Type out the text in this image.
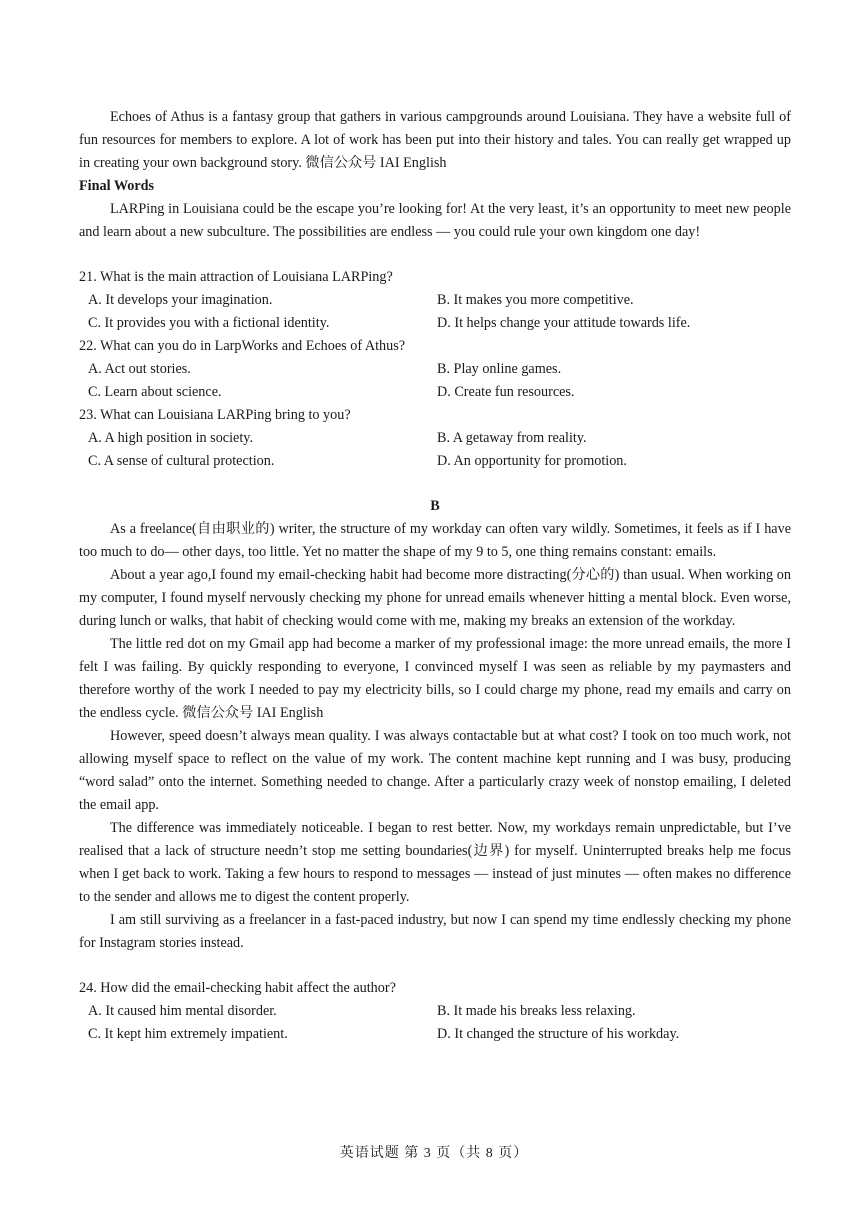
Echoes of Athus is a fantasy group that gathers in various campgrounds around Louisiana. They have a website full of fun resources for members to explore. A lot of work has been put into their history and tales. You can really get wrapped up in creating your own background story. 微信公众号 IAI English

Final Words

LARPing in Louisiana could be the escape you’re looking for! At the very least, it’s an opportunity to meet new people and learn about a new subculture. The possibilities are endless — you could rule your own kingdom one day!

21. What is the main attraction of Louisiana LARPing?
A. It develops your imagination.	B. It makes you more competitive.
C. It provides you with a fictional identity.	D. It helps change your attitude towards life.
22. What can you do in LarpWorks and Echoes of Athus?
A. Act out stories.	B. Play online games.
C. Learn about science.	D. Create fun resources.
23. What can Louisiana LARPing bring to you?
A. A high position in society.	B. A getaway from reality.
C. A sense of cultural protection.	D. An opportunity for promotion.
B

As a freelance(自由职业的) writer, the structure of my workday can often vary wildly. Sometimes, it feels as if I have too much to do— other days, too little. Yet no matter the shape of my 9 to 5, one thing remains constant: emails.

About a year ago,I found my email-checking habit had become more distracting(分心的) than usual. When working on my computer, I found myself nervously checking my phone for unread emails whenever hitting a mental block. Even worse, during lunch or walks, that habit of checking would come with me, making my breaks an extension of the workday.

The little red dot on my Gmail app had become a marker of my professional image: the more unread emails, the more I felt I was failing. By quickly responding to everyone, I convinced myself I was seen as reliable by my paymasters and therefore worthy of the work I needed to pay my electricity bills, so I could charge my phone, read my emails and carry on the endless cycle. 微信公众号 IAI English

However, speed doesn’t always mean quality. I was always contactable but at what cost? I took on too much work, not allowing myself space to reflect on the value of my work. The content machine kept running and I was busy, producing “word salad” onto the internet. Something needed to change. After a particularly crazy week of nonstop emailing, I deleted the email app.

The difference was immediately noticeable. I began to rest better. Now, my workdays remain unpredictable, but I’ve realised that a lack of structure needn’t stop me setting boundaries(边界) for myself. Uninterrupted breaks help me focus when I get back to work. Taking a few hours to respond to messages — instead of just minutes — often makes no difference to the sender and allows me to digest the content properly.

I am still surviving as a freelancer in a fast-paced industry, but now I can spend my time endlessly checking my phone for Instagram stories instead.

24. How did the email-checking habit affect the author?
A. It caused him mental disorder.	B. It made his breaks less relaxing.
C. It kept him extremely impatient.	D. It changed the structure of his workday.
英语试题 第 3 页（共 8 页）
